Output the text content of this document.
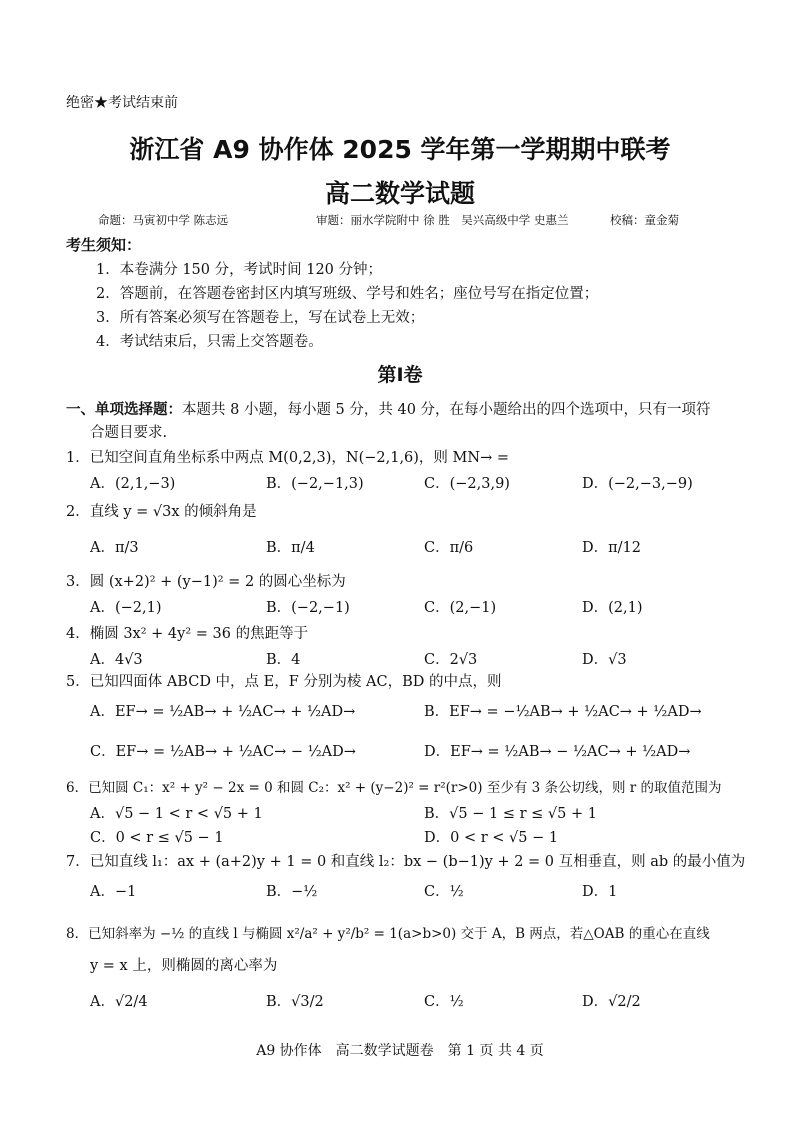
绝密★考试结束前
浙江省 A9 协作体 2025 学年第一学期期中联考
高二数学试题
命题：马寅初中学 陈志远	审题：丽水学院附中 徐 胜　吴兴高级中学 史惠兰	校稿：童金菊
考生须知：
1．本卷满分 150 分，考试时间 120 分钟；
2．答题前，在答题卷密封区内填写班级、学号和姓名；座位号写在指定位置；
3．所有答案必须写在答题卷上，写在试卷上无效；
4．考试结束后，只需上交答题卷。
第Ⅰ卷
一、单项选择题：本题共 8 小题，每小题 5 分，共 40 分，在每小题给出的四个选项中，只有一项符
合题目要求.
1．已知空间直角坐标系中两点 M(0,2,3)，N(−2,1,6)，则 MN→ =
A．(2,1,−3)	B．(−2,−1,3)	C．(−2,3,9)	D．(−2,−3,−9)
2．直线 y = √3x 的倾斜角是
A．π/3	B．π/4	C．π/6	D．π/12
3．圆 (x+2)² + (y−1)² = 2 的圆心坐标为
A．(−2,1)	B．(−2,−1)	C．(2,−1)	D．(2,1)
4．椭圆 3x² + 4y² = 36 的焦距等于
A．4√3	B．4	C．2√3	D．√3
5．已知四面体 ABCD 中，点 E，F 分别为棱 AC，BD 的中点，则
A．EF→ = ½AB→ + ½AC→ + ½AD→	B．EF→ = −½AB→ + ½AC→ + ½AD→
C．EF→ = ½AB→ + ½AC→ − ½AD→	D．EF→ = ½AB→ − ½AC→ + ½AD→
6．已知圆 C₁：x² + y² − 2x = 0 和圆 C₂：x² + (y−2)² = r²(r>0) 至少有 3 条公切线，则 r 的取值范围为
A．√5 − 1 < r < √5 + 1	B．√5 − 1 ≤ r ≤ √5 + 1
C．0 < r ≤ √5 − 1	D．0 < r < √5 − 1
7．已知直线 l₁：ax + (a+2)y + 1 = 0 和直线 l₂：bx − (b−1)y + 2 = 0 互相垂直，则 ab 的最小值为
A．−1	B．−½	C．½	D．1
8．已知斜率为 −½ 的直线 l 与椭圆 x²/a² + y²/b² = 1(a>b>0) 交于 A，B 两点，若△OAB 的重心在直线
y = x 上，则椭圆的离心率为
A．√2/4	B．√3/2	C．½	D．√2/2
A9 协作体　高二数学试题卷　第 1 页 共 4 页
